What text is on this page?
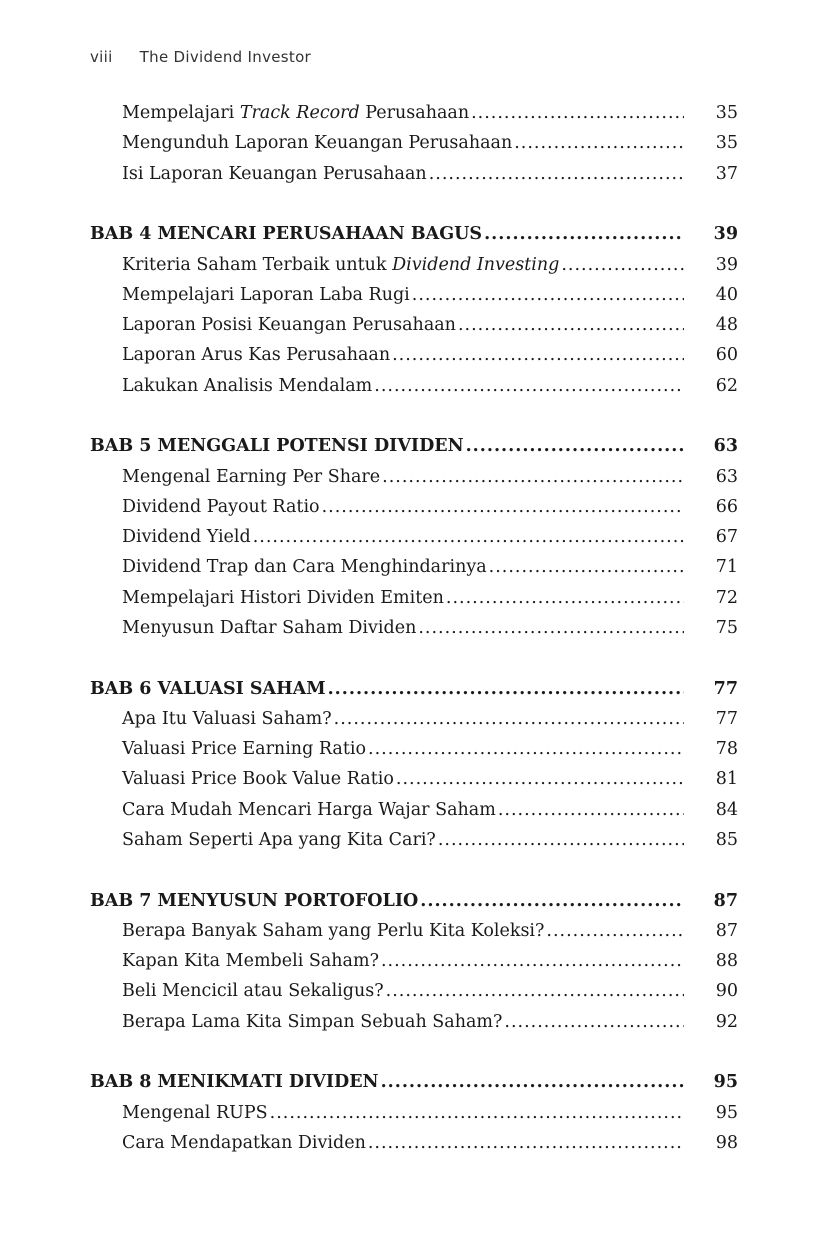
viii The Dividend Investor
Mempelajari Track Record Perusahaan .....	35
Mengunduh Laporan Keuangan Perusahaan .....	35
Isi Laporan Keuangan Perusahaan .....	37
BAB 4 MENCARI PERUSAHAAN BAGUS .....	39
Kriteria Saham Terbaik untuk Dividend Investing .....	39
Mempelajari Laporan Laba Rugi .....	40
Laporan Posisi Keuangan Perusahaan .....	48
Laporan Arus Kas Perusahaan .....	60
Lakukan Analisis Mendalam .....	62
BAB 5 MENGGALI POTENSI DIVIDEN .....	63
Mengenal Earning Per Share .....	63
Dividend Payout Ratio .....	66
Dividend Yield .....	67
Dividend Trap dan Cara Menghindarinya .....	71
Mempelajari Histori Dividen Emiten .....	72
Menyusun Daftar Saham Dividen .....	75
BAB 6 VALUASI SAHAM .....	77
Apa Itu Valuasi Saham? .....	77
Valuasi Price Earning Ratio .....	78
Valuasi Price Book Value Ratio .....	81
Cara Mudah Mencari Harga Wajar Saham .....	84
Saham Seperti Apa yang Kita Cari? .....	85
BAB 7 MENYUSUN PORTOFOLIO .....	87
Berapa Banyak Saham yang Perlu Kita Koleksi? .....	87
Kapan Kita Membeli Saham? .....	88
Beli Mencicil atau Sekaligus? .....	90
Berapa Lama Kita Simpan Sebuah Saham? .....	92
BAB 8 MENIKMATI DIVIDEN .....	95
Mengenal RUPS .....	95
Cara Mendapatkan Dividen .....	98
